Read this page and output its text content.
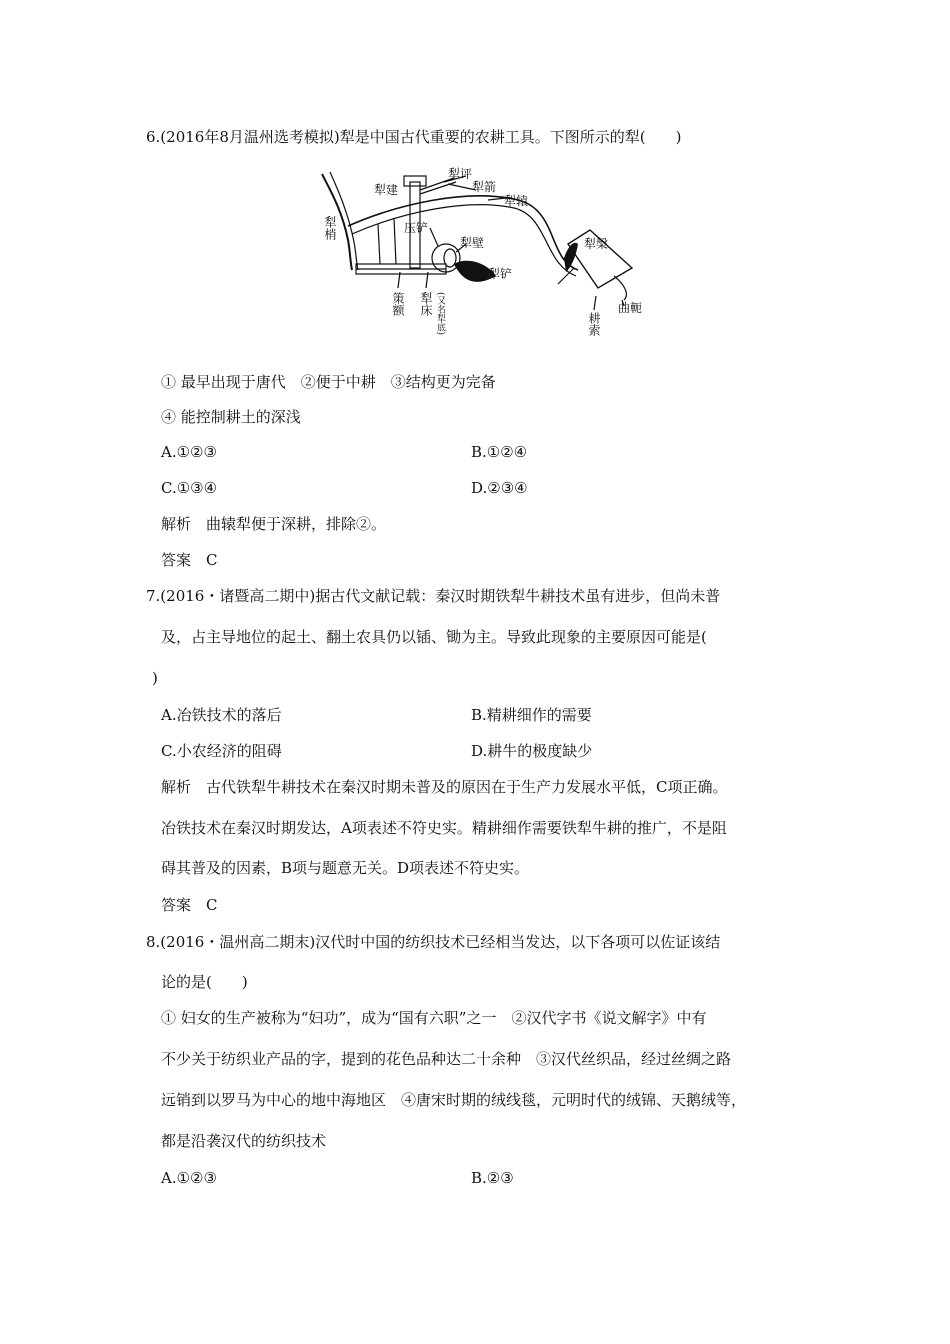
6.(2016年8月温州选考模拟)犁是中国古代重要的农耕工具。下图所示的犁(　　)
犁评
犁建	犁箭
犁辕
犁梢	压铲
犁壁
犁铲
策额 犁床 (又名犁底)
犁槃
耕索
曲軛
① 最早出现于唐代　②便于中耕　③结构更为完备
④ 能控制耕土的深浅
A.①②③	B.①②④
C.①③④	D.②③④
解析　曲辕犁便于深耕，排除②。
答案　C
7.(2016・诸暨高二期中)据古代文献记载：秦汉时期铁犁牛耕技术虽有进步，但尚未普
及，占主导地位的起土、翻土农具仍以锸、锄为主。导致此现象的主要原因可能是(
)
A.冶铁技术的落后	B.精耕细作的需要
C.小农经济的阻碍	D.耕牛的极度缺少
解析　古代铁犁牛耕技术在秦汉时期未普及的原因在于生产力发展水平低，C项正确。
冶铁技术在秦汉时期发达，A项表述不符史实。精耕细作需要铁犁牛耕的推广，不是阻
碍其普及的因素，B项与题意无关。D项表述不符史实。
答案　C
8.(2016・温州高二期末)汉代时中国的纺织技术已经相当发达，以下各项可以佐证该结
论的是(　　)
① 妇女的生产被称为“妇功”，成为“国有六职”之一　②汉代字书《说文解字》中有
不少关于纺织业产品的字，提到的花色品种达二十余种　③汉代丝织品，经过丝绸之路
远销到以罗马为中心的地中海地区　④唐宋时期的绒线毯，元明时代的绒锦、天鹅绒等，
都是沿袭汉代的纺织技术
A.①②③	B.②③
